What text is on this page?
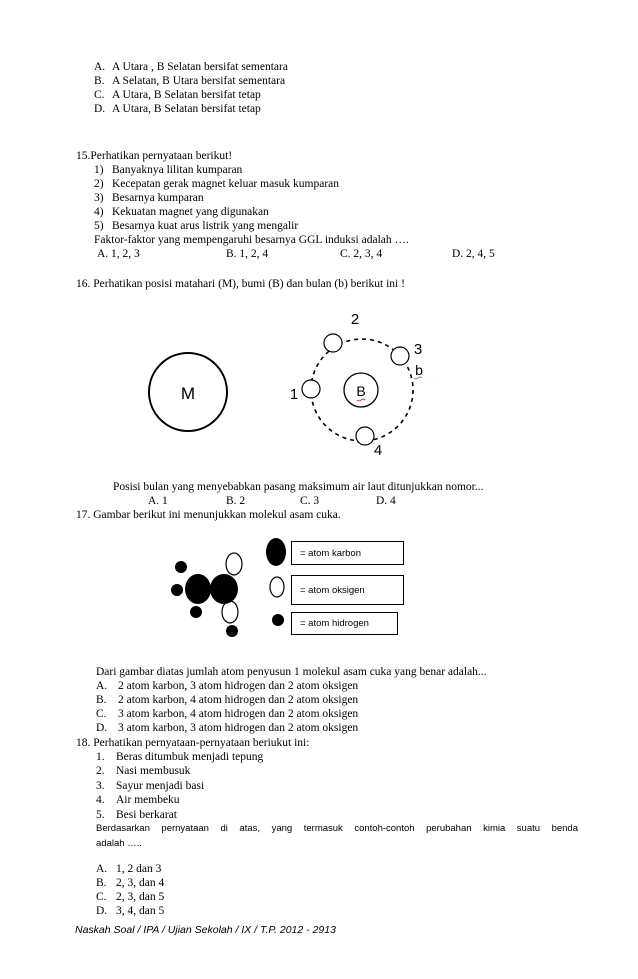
A. A Utara , B Selatan bersifat sementara
B. A Selatan, B Utara bersifat sementara
C. A Utara, B Selatan bersifat tetap
D. A Utara, B Selatan bersifat tetap
15.Perhatikan pernyataan berikut!
1) Banyaknya lilitan kumparan
2) Kecepatan gerak magnet keluar masuk kumparan
3) Besarnya kumparan
4) Kekuatan magnet yang digunakan
5) Besarnya kuat arus listrik yang mengalir
Faktor-faktor yang mempengaruhi besarnya GGL induksi adalah ….
A. 1, 2, 3	B. 1, 2, 4	C. 2, 3, 4	D. 2, 4, 5
16. Perhatikan posisi matahari (M), bumi (B) dan bulan (b) berikut ini !
M	B
1
2
3
4
b
Posisi bulan yang menyebabkan pasang maksimum air laut ditunjukkan nomor...
A. 1	B. 2	C. 3	D. 4
17. Gambar berikut ini menunjukkan molekul asam cuka.
= atom karbon
= atom oksigen
= atom hidrogen
Dari gambar diatas jumlah atom penyusun 1 molekul asam cuka yang benar adalah...
A. 2 atom karbon, 3 atom hidrogen dan 2 atom oksigen
B. 2 atom karbon, 4 atom hidrogen dan 2 atom oksigen
C. 3 atom karbon, 4 atom hidrogen dan 2 atom oksigen
D. 3 atom karbon, 3 atom hidrogen dan 2 atom oksigen
18. Perhatikan pernyataan-pernyataan beriukut ini:
1. Beras ditumbuk menjadi tepung
2. Nasi membusuk
3. Sayur menjadi basi
4. Air membeku
5. Besi berkarat
Berdasarkan pernyataan di atas, yang termasuk contoh-contoh perubahan kimia suatu benda
adalah …..
A. 1, 2 dan 3
B. 2, 3, dan 4
C. 2, 3, dan 5
D. 3, 4, dan 5
Naskah Soal / IPA / Ujian Sekolah / IX / T.P. 2012 - 2913
